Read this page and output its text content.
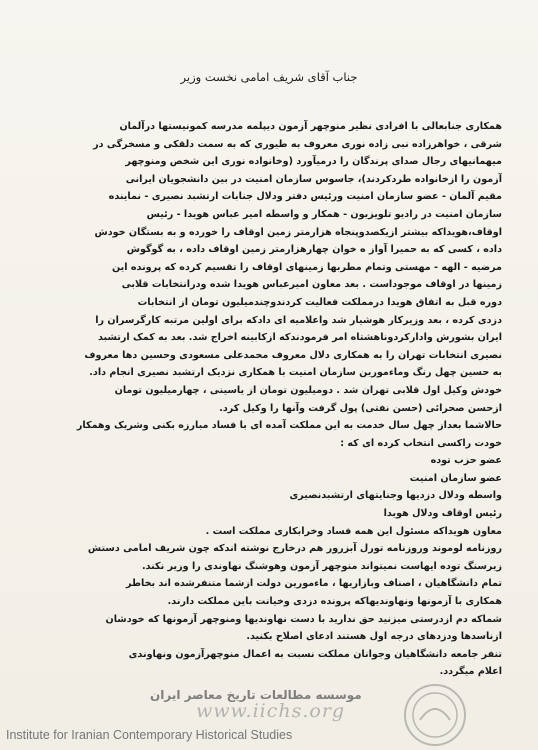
جناب آقای شریف امامی نخست وزیر
همکاری جنابعالی با افرادی نظیر منوچهر آزمون دیپلمه مدرسه کمونیستها درآلمان
شرقی ، خواهرزاده نبی زاده نوری معروف به طیوری که به سمت دلقکی و مسخرگی در
میهمانیهای رجال صدای پرندگان را درمیآورد (وخانواده نوری این شخص ومنوچهر
آزمون را ازخانواده طردکردند)، جاسوس سازمان امنیت در بین دانشجویان ایرانی
مقیم آلمان - عضو سازمان امنیت ورئیس دفتر ودلال جنابات ارتشبد نصیری - نماینده
سازمان امنیت در رادیو تلویزیون - همکار و واسطه امیر عباس هویدا - رئیس
اوقاف،هویداکه بیشتر ازیکصدوپنجاه هزارمتر زمین اوقاف را خورده و به بستگان خودش
داده ، کسی که به حمیرا آواز ه خوان چهارهزارمتر زمین اوقاف داده ، به گوگوش
مرضیه - الهه - مهستی وتمام مطربها زمینهای اوقاف را تقسیم کرده که پرونده این
زمینها در اوقاف موجوداست . بعد معاون امیرعباس هویدا شده ودرانتخابات قلابی
دوره قبل به اتفاق هویدا درمملکت فعالیت کردندوچندمیلیون تومان از انتخابات
دزدی کرده ، بعد وزیرکار هوشیار شد واعلامیه ای دادکه برای اولین مرتبه کارگرسران را
ایران بشورش واداركردوناهشتاه امر فرمودندکه ازکابینه اخراج شد. بعد به کمک ارتشبد
نصیری انتخابات تهران را به همکاری دلال معروف محمدعلی مسعودی وحسین دها معروف
به حسین چهل رنگ وماءمورین سازمان امنیت با همکاری نزدیک ارتشبد نصیری انجام داد.
خودش وکیل اول قلابی تهران شد . دومیلیون تومان از یاسینی ، چهارمیلیون تومان
ازحسن صحرائی (حسن نفتی) پول گرفت وآنها را وکیل کرد.
حالاشما بعداز چهل سال خدمت به این مملکت آمده ای با فساد مبارزه بکنی وشریک وهمکار
خودت راکسی انتخاب کرده ای که :
عضو حزب توده
عضو سازمان امنیت
واسطه ودلال دزدیها وجنایتهای ارتشبدنصیری
رئیس اوقاف ودلال هویدا
معاون هویداکه مسئول این همه فساد وخرابکاری مملکت است .
روزنامه لوموند وروزنامه تورل آبزرور هم درخارج نوشته اندکه چون شریف امامی دستش
زیرسنگ توده ایهاست نمیتواند منوچهر آزمون وهوشنگ نهاوندی را وزیر نکند.
تمام دانشگاهیان ، اصناف وبازاریها ، ماءمورین دولت ازشما متنفرشده اند بخاطر
همکاری با آزمونها ونهاوندیهاکه پرونده دزدی وخیانت باین مملکت دارند.
شماکه دم ازدرستی میزنید حق ندارید با دست نهاوندیها ومنوچهر آزمونها که خودشان
ازناسدها ودزدهای درجه اول هستند ادعای اصلاح بکنید.
تنفر جامعه دانشگاهیان وجوانان مملکت نسبت به اعمال منوچهرآزمون ونهاوندی
اعلام میگردد.
موسسه مطالعات تاریخ معاصر ایران
www.iichs.org
Institute for Iranian Contemporary Historical Studies
